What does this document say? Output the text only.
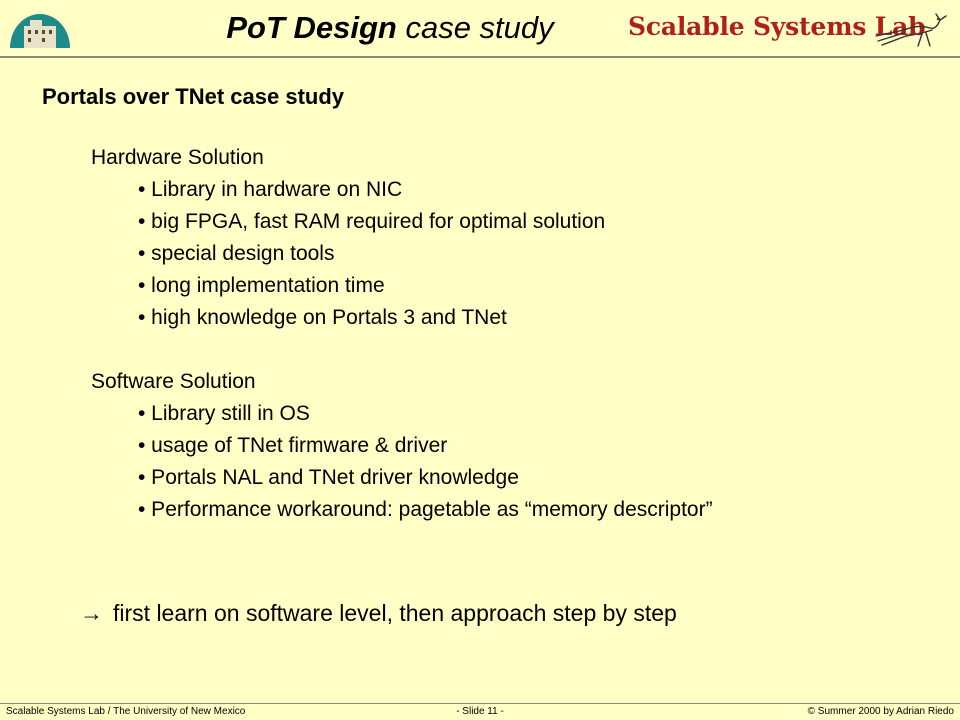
PoT Design case study	Scalable Systems Lab
Portals over TNet case study
Hardware Solution
• Library in hardware on NIC
• big FPGA, fast RAM required for optimal solution
• special design tools
• long implementation time
• high knowledge on Portals 3 and TNet
Software Solution
• Library still in OS
• usage of TNet firmware & driver
• Portals NAL and TNet driver knowledge
• Performance workaround: pagetable as “memory descriptor”
→ first learn on software level, then approach step by step
Scalable Systems Lab / The University of New Mexico	- Slide 11 -	© Summer 2000 by Adrian Riedo
